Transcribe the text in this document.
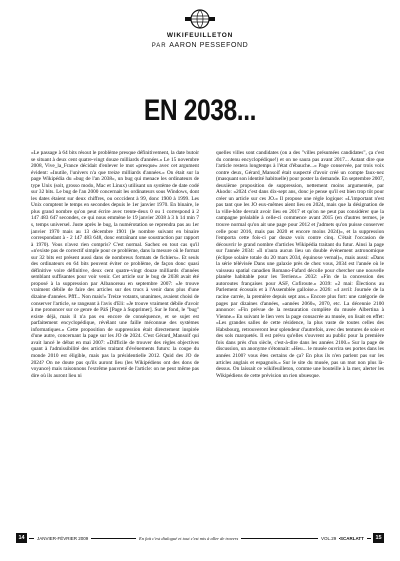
WIKIFEUILLETON
PAR AARON PESSEFOND
EN 2038...

«Le passage à 64 bits résout le problème presque définitivement, la date butoir se situant à deux cent quatre-vingt douze milliards d'années.» Le 15 novembre 2008, Vive_la_France décidait d'enlever le mot «presque» avec cet argument évident: «Inutile, l'univers n'a que treize milliards d'années.» On était sur la page Wikipédia du «bug de l'an 2038», un bug qui menace les ordinateurs de type Unix (soit, grosso modo, Mac et Linux) utilisant un système de date codé sur 32 bits. Le bug de l'an 2000 concernait les ordinateurs sous Windows, dont les dates étaient sur deux chiffres, ou occcident à 99, donc 1900 à 1999. Les Unix comptent le temps en secondes depuis le 1er janvier 1970. En binaire, le plus grand nombre qu'on peut écrire avec trente-deux 0 ou 1 correspond à 2 147 483 647 secondes, ce qui nous emmène le 19 janvier 2038 à 3 h 14 min 7 s, temps universel. Juste après le bug, la numérotation se reprendra pas au 1er janvier 1970 mais au 13 décembre 1901 (le nombre suivant en binaire correspondant à - 2 147 483 648, donc entraînant une soustraction par rapport à 1970). Vous n'avez rien compris? C'est normal. Sachez en tout cas qu'il «n'existe pas de correctif simple pour ce problème, dans la mesure où le format sur 32 bits est présent aussi dans de nombreux formats de fichiers». Et seuls des ordinateurs en 64 bits peuvent éviter ce problème, de façon donc quasi définitive voire définitive, deux cent quatre-vingt douze milliards d'années semblant suffisantes pour voir venir. Cet article sur le bug de 2038 avait été proposé à la suppression par Albanoreau en septembre 2007: «Je trouve vraiment débile de faire des articles sur des trucs à venir dans plus d'une dizaine d'années. Pfff... Non mais!» Treize votants, unanimes, avaient choisi de conserver l'article, se rangeant à l'avis d'Eli: «Je trouve vraiment débile d'avoir à me prononcer sur ce genre de PàS [Page à Supprimer]. Sur le fond, le "bug" existe déjà, mais il n'a pas eu encore de conséquence, et se sujet est parfaitement encyclopédique, révélant une faille méconnue des systèmes informatiques.» Cette proposition de suppression était directement inspirée d'une autre, concernant la page sur les JO de 2024. C'est Gérard_Mansoif qui avait lancé le débat en mai 2007: «Difficile de trouver des règles objectives quant à l'admissibilité des articles traitant d'événements futurs: la coupe du monde 2010 est éligible, mais pas la présidentielle 2012. Quid des JO de 2024? On ne doute pas qu'ils auront lieu (les Wikipédiens ont des dons de voyance) mais raisonnons l'extrême pauvreté de l'article: on ne peut même pas dire où ils auront lieu ni

quelles villes sont candidates (on a des "villes présumées candidates", ça c'est du contenu encyclopédique!) et on ne saura pas avant 2017... Autant dire que l'article restera longtemps à l'état d'ébauche...» Page conservée, par trois voix contre deux, Gérard_Mansoif était suspecté d'avoir créé un compte faux-nez (masquant son identité habituelle) pour poster la demande. En septembre 2007, deuxième proposition de suppression, nettement moins argumentée, par Akodo: «2024 c'est dans dix-sept ans, donc je pense qu'il est bien trop tôt pour créer un article sur ces JO.» Il propose une règle logique: «L'important n'est pas tant que les JO eux-mêmes aient lieu en 2024, mais que la désignation de la ville-hôte devrait avoir lieu en 2017 et qu'on ne peut pas considérer que la campagne préalable à celle-ci commence avant 2015 (en d'autres termes, je trouve normal qu'on ait une page pour 2012 et j'admets qu'on puisse conserver celle pour 2016, mais pas 2020 et encore moins 2024)», et la suppression l'emporta cette fois-ci par douze voix contre cinq. C'était l'occasion de découvrir le grand nombre d'articles Wikipédia traitant du futur. Ainsi la page sur l'année 2034: «Il n'aura aucun lieu un double événement astronomique (éclipse solaire totale du 20 mars 2034, équinoxe vernal)», mais aussi: «Dans la série télévisée Dans une galaxie près de chez vous, 2034 est l'année où le vaisseau spatial canadien Romano-Fafard décolle pour chercher une nouvelle planète habitable pour les Terriens.» 2032: «Fin de la concession des autoroutes françaises pour ASF, Cofiroute.» 2039: «2 mai: Élections au Parlement écossais et à l'Assemblée galloise.» 2026: «4 avril: Journée de la racine carrée, la première depuis sept ans.» Encore plus fort: une catégorie de pages par dizaines d'années, «années 2060», 2070, etc. La décennie 2100 annonce: «Fin prévue de la restauration complète du musée Albertina à Vienne.» En suivant le lien vers la page consacrée au musée, on lisait en effet: «Les grandes salles de cette résidence, la plus vaste de toutes celles des Habsbourg, retrouveront leur splendeur d'autrefois, avec des tentures de soie et des sols marquetés. Il est prévu qu'elles s'ouvrent au public pour la première fois dans près d'un siècle, c'est-à-dire dans les années 2100.» Sur la page de discussion, un anonyme s'étonnait: «Heu... le musée ouvrira ses portes dans les années 2100? vous êtes certains de ça? En plus ils n'en parlent pas sur les articles anglais et espagnols.» Sur le site du musée, pas un mot non plus là-dessus. On laissait ce wikifeuilleton, comme une bouteille à la mer, alerter les Wikipédiens de cette prévision un rien ubuesque.

14	JANVIER-FÉVRIER 2009	En fait c'est dialogué et tout c'est mis à aller de travers	VOL.29 SCARLATT	15
